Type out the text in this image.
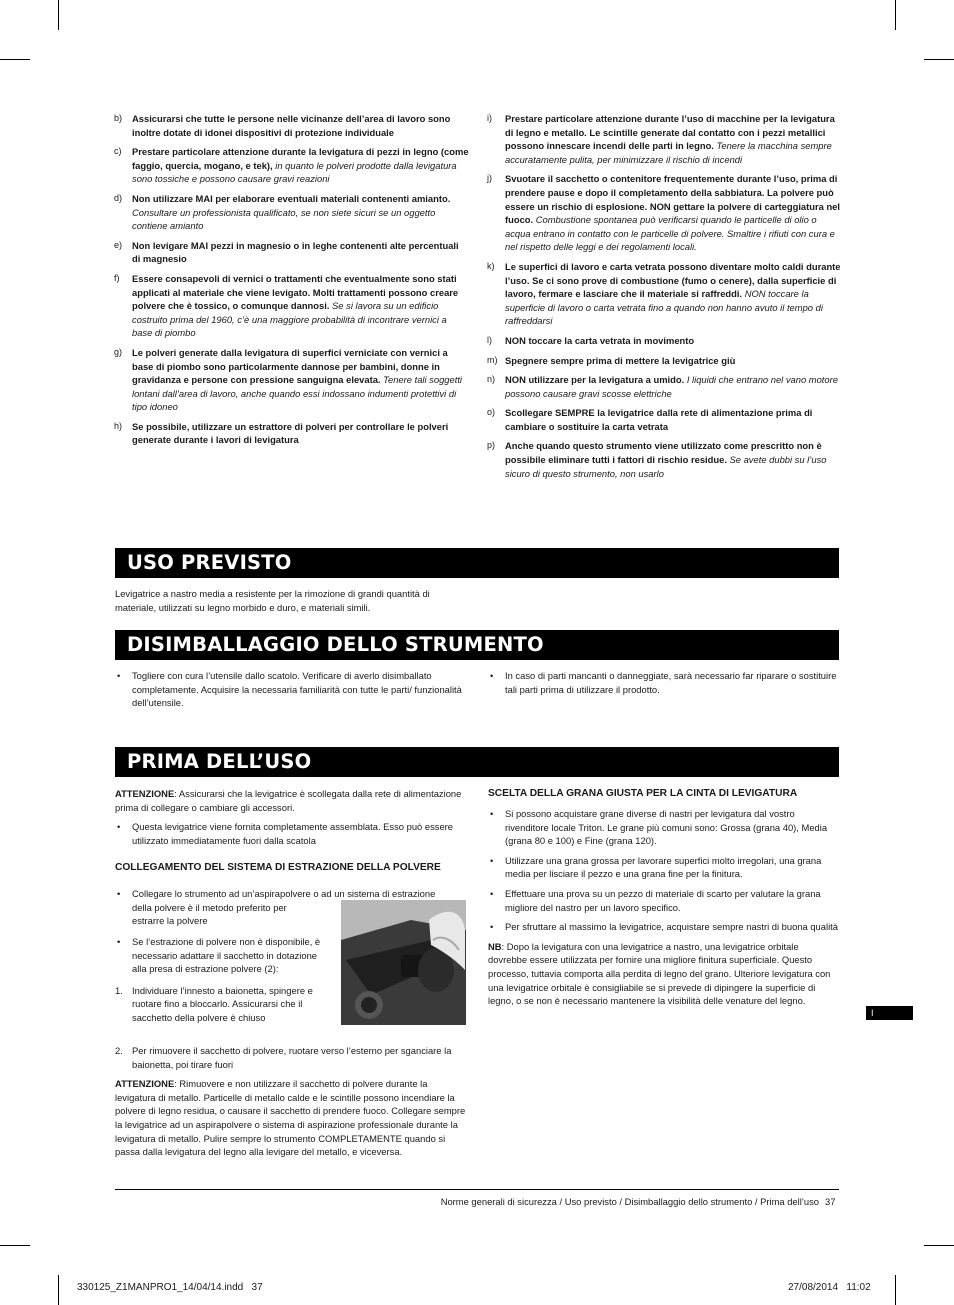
b) Assicurarsi che tutte le persone nelle vicinanze dell’area di lavoro sono inoltre dotate di idonei dispositivi di protezione individuale
c) Prestare particolare attenzione durante la levigatura di pezzi in legno (come faggio, quercia, mogano, e tek), in quanto le polveri prodotte dalla levigatura sono tossiche e possono causare gravi reazioni
d) Non utilizzare MAI per elaborare eventuali materiali contenenti amianto. Consultare un professionista qualificato, se non siete sicuri se un oggetto contiene amianto
e) Non levigare MAI pezzi in magnesio o in leghe contenenti alte percentuali di magnesio
f) Essere consapevoli di vernici o trattamenti che eventualmente sono stati applicati al materiale che viene levigato. Molti trattamenti possono creare polvere che è tossico, o comunque dannosi. Se si lavora su un edificio costruito prima del 1960, c’è una maggiore probabilità di incontrare vernici a base di piombo
g) Le polveri generate dalla levigatura di superfici verniciate con vernici a base di piombo sono particolarmente dannose per bambini, donne in gravidanza e persone con pressione sanguigna elevata. Tenere tali soggetti lontani dall’area di lavoro, anche quando essi indossano indumenti protettivi di tipo idoneo
h) Se possibile, utilizzare un estrattore di polveri per controllare le polveri generate durante i lavori di levigatura
i) Prestare particolare attenzione durante l’uso di macchine per la levigatura di legno e metallo. Le scintille generate dal contatto con i pezzi metallici possono innescare incendi delle parti in legno. Tenere la macchina sempre accuratamente pulita, per minimizzare il rischio di incendi
j) Svuotare il sacchetto o contenitore frequentemente durante l’uso, prima di prendere pause e dopo il completamento della sabbiatura. La polvere può essere un rischio di esplosione. NON gettare la polvere di carteggiatura nel fuoco. Combustione spontanea può verificarsi quando le particelle di olio o acqua entrano in contatto con le particelle di polvere. Smaltire i rifiuti con cura e nel rispetto delle leggi e dei regolamenti locali.
k) Le superfici di lavoro e carta vetrata possono diventare molto caldi durante l’uso. Se ci sono prove di combustione (fumo o cenere), dalla superficie di lavoro, fermare e lasciare che il materiale si raffreddi. NON toccare la superficie di lavoro o carta vetrata fino a quando non hanno avuto il tempo di raffreddarsi
l) NON toccare la carta vetrata in movimento
m) Spegnere sempre prima di mettere la levigatrice giù
n) NON utilizzare per la levigatura a umido. I liquidi che entrano nel vano motore possono causare gravi scosse elettriche
o) Scollegare SEMPRE la levigatrice dalla rete di alimentazione prima di cambiare o sostituire la carta vetrata
p) Anche quando questo strumento viene utilizzato come prescritto non è possibile eliminare tutti i fattori di rischio residue. Se avete dubbi su l’uso sicuro di questo strumento, non usarlo
USO PREVISTO
Levigatrice a nastro media a resistente per la rimozione di grandi quantità di materiale, utilizzati su legno morbido e duro, e materiali simili.
DISIMBALLAGGIO DELLO STRUMENTO
• Togliere con cura l’utensile dallo scatolo. Verificare di averlo disimballato completamente. Acquisire la necessaria familiarità con tutte le parti/ funzionalità dell’utensile.
• In caso di parti mancanti o danneggiate, sarà necessario far riparare o sostituire tali parti prima di utilizzare il prodotto.
PRIMA DELL’USO
ATTENZIONE: Assicurarsi che la levigatrice è scollegata dalla rete di alimentazione prima di collegare o cambiare gli accessori.
• Questa levigatrice viene fornita completamente assemblata. Esso può essere utilizzato immediatamente fuori dalla scatola
COLLEGAMENTO DEL SISTEMA DI ESTRAZIONE DELLA POLVERE
• Collegare lo strumento ad un’aspirapolvere o ad un sistema di estrazione
della polvere è il metodo preferito per estrarre la polvere
• Se l’estrazione di polvere non è disponibile, è necessario adattare il sacchetto in dotazione alla presa di estrazione polvere (2):
1. Individuare l’innesto a baionetta, spingere e ruotare fino a bloccarlo. Assicurarsi che il sacchetto della polvere è chiuso
2. Per rimuovere il sacchetto di polvere, ruotare verso l’esterno per sganciare la baionetta, poi tirare fuori
ATTENZIONE: Rimuovere e non utilizzare il sacchetto di polvere durante la levigatura di metallo. Particelle di metallo calde e le scintille possono incendiare la polvere di legno residua, o causare il sacchetto di prendere fuoco. Collegare sempre la levigatrice ad un aspirapolvere o sistema di aspirazione professionale durante la levigatura di metallo. Pulire sempre lo strumento COMPLETAMENTE quando si passa dalla levigatura del legno alla levigare del metallo, e viceversa.
SCELTA DELLA GRANA GIUSTA PER LA CINTA DI LEVIGATURA
• Si possono acquistare grane diverse di nastri per levigatura dal vostro rivenditore locale Triton. Le grane più comuni sono: Grossa (grana 40), Media (grana 80 e 100) e Fine (grana 120).
• Utilizzare una grana grossa per lavorare superfici molto irregolari, una grana media per lisciare il pezzo e una grana fine per la finitura.
• Effettuare una prova su un pezzo di materiale di scarto per valutare la grana migliore del nastro per un lavoro specifico.
• Per sfruttare al massimo la levigatrice, acquistare sempre nastri di buona qualità
NB: Dopo la levigatura con una levigatrice a nastro, una levigatrice orbitale dovrebbe essere utilizzata per fornire una migliore finitura superficiale. Questo processo, tuttavia comporta alla perdita di legno del grano. Ulteriore levigatura con una levigatrice orbitale è consigliabile se si prevede di dipingere la superficie di legno, o se non è necessario mantenere la visibilità delle venature del legno.
I
Norme generali di sicurezza / Uso previsto / Disimballaggio dello strumento / Prima dell’uso 37
330125_Z1MANPRO1_14/04/14.indd   37	27/08/2014   11:02
